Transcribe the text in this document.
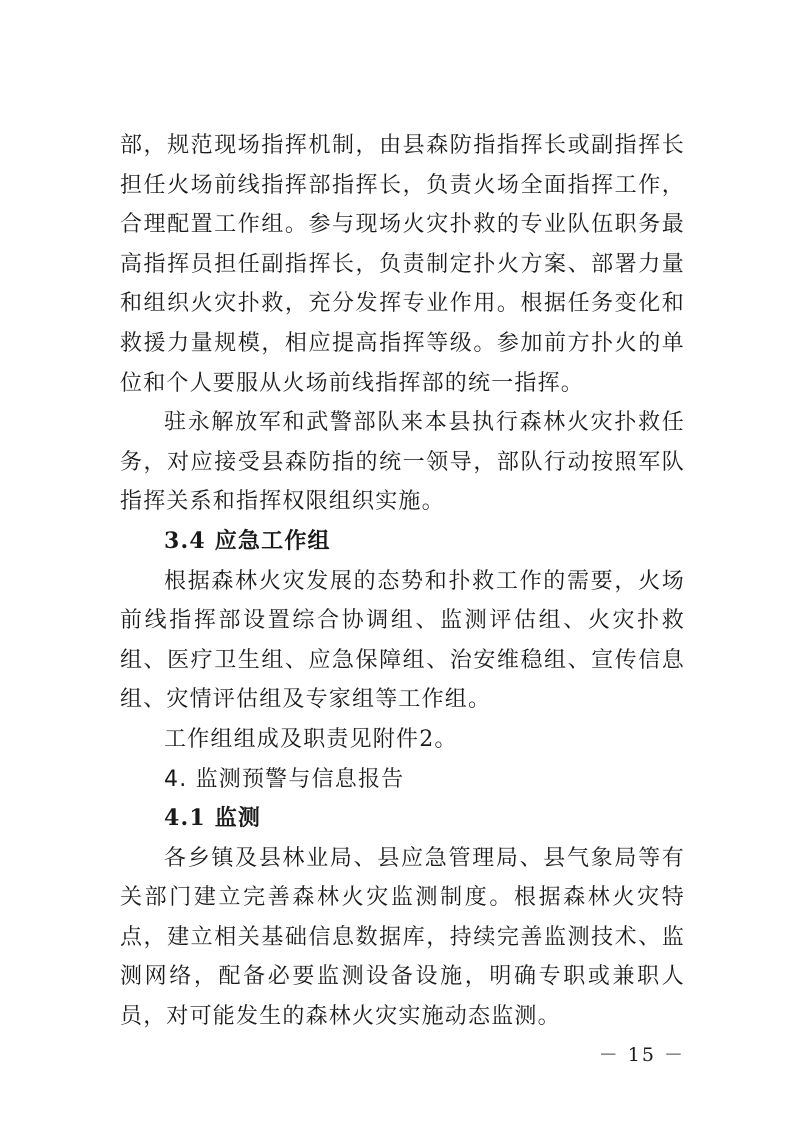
部，规范现场指挥机制，由县森防指指挥长或副指挥长担任火场前线指挥部指挥长，负责火场全面指挥工作，合理配置工作组。参与现场火灾扑救的专业队伍职务最高指挥员担任副指挥长，负责制定扑火方案、部署力量和组织火灾扑救，充分发挥专业作用。根据任务变化和救援力量规模，相应提高指挥等级。参加前方扑火的单位和个人要服从火场前线指挥部的统一指挥。

驻永解放军和武警部队来本县执行森林火灾扑救任务，对应接受县森防指的统一领导，部队行动按照军队指挥关系和指挥权限组织实施。

3.4 应急工作组

根据森林火灾发展的态势和扑救工作的需要，火场前线指挥部设置综合协调组、监测评估组、火灾扑救组、医疗卫生组、应急保障组、治安维稳组、宣传信息组、灾情评估组及专家组等工作组。

工作组组成及职责见附件2。

4. 监测预警与信息报告

4.1 监测

各乡镇及县林业局、县应急管理局、县气象局等有关部门建立完善森林火灾监测制度。根据森林火灾特点，建立相关基础信息数据库，持续完善监测技术、监测网络，配备必要监测设备设施，明确专职或兼职人员，对可能发生的森林火灾实施动态监测。

－ 15 －
